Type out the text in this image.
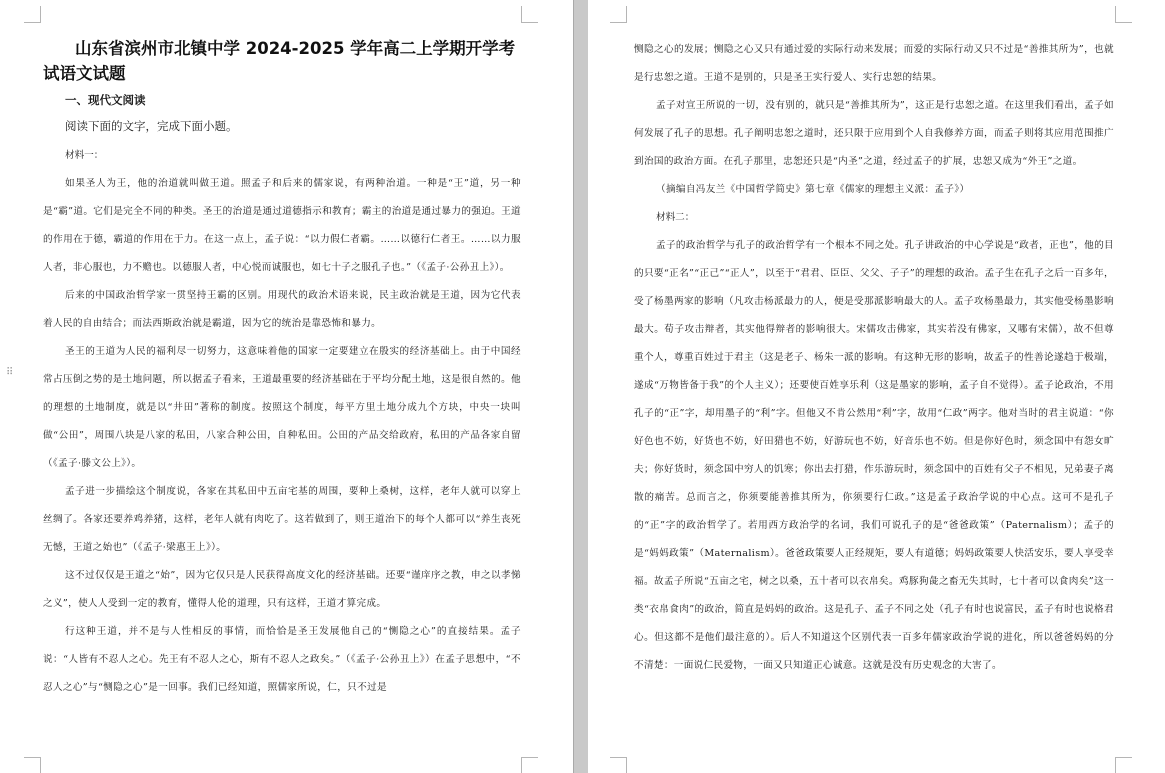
⠿
山东省滨州市北镇中学 2024-2025 学年高二上学期开学考试语文试题

一、现代文阅读

阅读下面的文字，完成下面小题。

材料一：

如果圣人为王，他的治道就叫做王道。照孟子和后来的儒家说，有两种治道。一种是“王”道，另一种是“霸”道。它们是完全不同的种类。圣王的治道是通过道德指示和教育；霸主的治道是通过暴力的强迫。王道的作用在于德，霸道的作用在于力。在这一点上，孟子说：“以力假仁者霸。……以德行仁者王。……以力服人者，非心服也，力不赡也。以德服人者，中心悦而诚服也，如七十子之服孔子也。”（《孟子·公孙丑上》）。

后来的中国政治哲学家一贯坚持王霸的区别。用现代的政治术语来说，民主政治就是王道，因为它代表着人民的自由结合；而法西斯政治就是霸道，因为它的统治是靠恐怖和暴力。

圣王的王道为人民的福利尽一切努力，这意味着他的国家一定要建立在殷实的经济基础上。由于中国经常占压倒之势的是土地问题，所以据孟子看来，王道最重要的经济基础在于平均分配土地，这是很自然的。他的理想的土地制度，就是以“井田”著称的制度。按照这个制度，每平方里土地分成九个方块，中央一块叫做“公田”，周围八块是八家的私田，八家合种公田，自种私田。公田的产品交给政府，私田的产品各家自留（《孟子·滕文公上》）。

孟子进一步描绘这个制度说，各家在其私田中五亩宅基的周围，要种上桑树，这样，老年人就可以穿上丝绸了。各家还要养鸡养猪，这样，老年人就有肉吃了。这若做到了，则王道治下的每个人都可以“养生丧死无憾，王道之始也”（《孟子·梁惠王上》）。

这不过仅仅是王道之“始”，因为它仅只是人民获得高度文化的经济基础。还要“谨庠序之教，申之以孝悌之义”，使人人受到一定的教育，懂得人伦的道理，只有这样，王道才算完成。

行这种王道，并不是与人性相反的事情，而恰恰是圣王发展他自己的“恻隐之心”的直接结果。孟子说：“人皆有不忍人之心。先王有不忍人之心，斯有不忍人之政矣。”（《孟子·公孙丑上》）在孟子思想中，“不忍人之心”与“恻隐之心”是一回事。我们已经知道，照儒家所说，仁，只不过是

恻隐之心的发展；恻隐之心又只有通过爱的实际行动来发展；而爱的实际行动又只不过是“善推其所为”，也就是行忠恕之道。王道不是别的，只是圣王实行爱人、实行忠恕的结果。

孟子对宣王所说的一切，没有别的，就只是“善推其所为”，这正是行忠恕之道。在这里我们看出，孟子如何发展了孔子的思想。孔子阐明忠恕之道时，还只限于应用到个人自我修养方面，而孟子则将其应用范围推广到治国的政治方面。在孔子那里，忠恕还只是“内圣”之道，经过孟子的扩展，忠恕又成为“外王”之道。

（摘编自冯友兰《中国哲学简史》第七章《儒家的理想主义派：孟子》）

材料二：

孟子的政治哲学与孔子的政治哲学有一个根本不同之处。孔子讲政治的中心学说是“政者，正也”，他的目的只要“正名”“正己”“正人”，以至于“君君、臣臣、父父、子子”的理想的政治。孟子生在孔子之后一百多年，受了杨墨两家的影响（凡攻击杨派最力的人，便是受那派影响最大的人。孟子攻杨墨最力，其实他受杨墨影响最大。荀子攻击辩者，其实他得辩者的影响很大。宋儒攻击佛家，其实若没有佛家，又哪有宋儒），故不但尊重个人，尊重百姓过于君主（这是老子、杨朱一派的影响。有这种无形的影响，故孟子的性善论遂趋于极端，遂成“万物皆备于我”的个人主义）；还要使百姓享乐利（这是墨家的影响，孟子自不觉得）。孟子论政治，不用孔子的“正”字，却用墨子的“利”字。但他又不肯公然用“利”字，故用“仁政”两字。他对当时的君主说道：“你好色也不妨，好货也不妨，好田猎也不妨，好游玩也不妨，好音乐也不妨。但是你好色时，须念国中有怨女旷夫；你好货时，须念国中穷人的饥寒；你出去打猎，作乐游玩时，须念国中的百姓有父子不相见，兄弟妻子离散的痛苦。总而言之，你须要能善推其所为，你须要行仁政。”这是孟子政治学说的中心点。这可不是孔子的“正”字的政治哲学了。若用西方政治学的名词，我们可说孔子的是“爸爸政策”（Paternalism）；孟子的是“妈妈政策”（Maternalism）。爸爸政策要人正经规矩，要人有道德；妈妈政策要人快活安乐，要人享受幸福。故孟子所说“五亩之宅，树之以桑，五十者可以衣帛矣。鸡豚狗彘之畜无失其时，七十者可以食肉矣”这一类“衣帛食肉”的政治，简直是妈妈的政治。这是孔子、孟子不同之处（孔子有时也说富民，孟子有时也说格君心。但这都不是他们最注意的）。后人不知道这个区别代表一百多年儒家政治学说的进化，所以爸爸妈妈的分不清楚：一面说仁民爱物，一面又只知道正心诚意。这就是没有历史观念的大害了。
